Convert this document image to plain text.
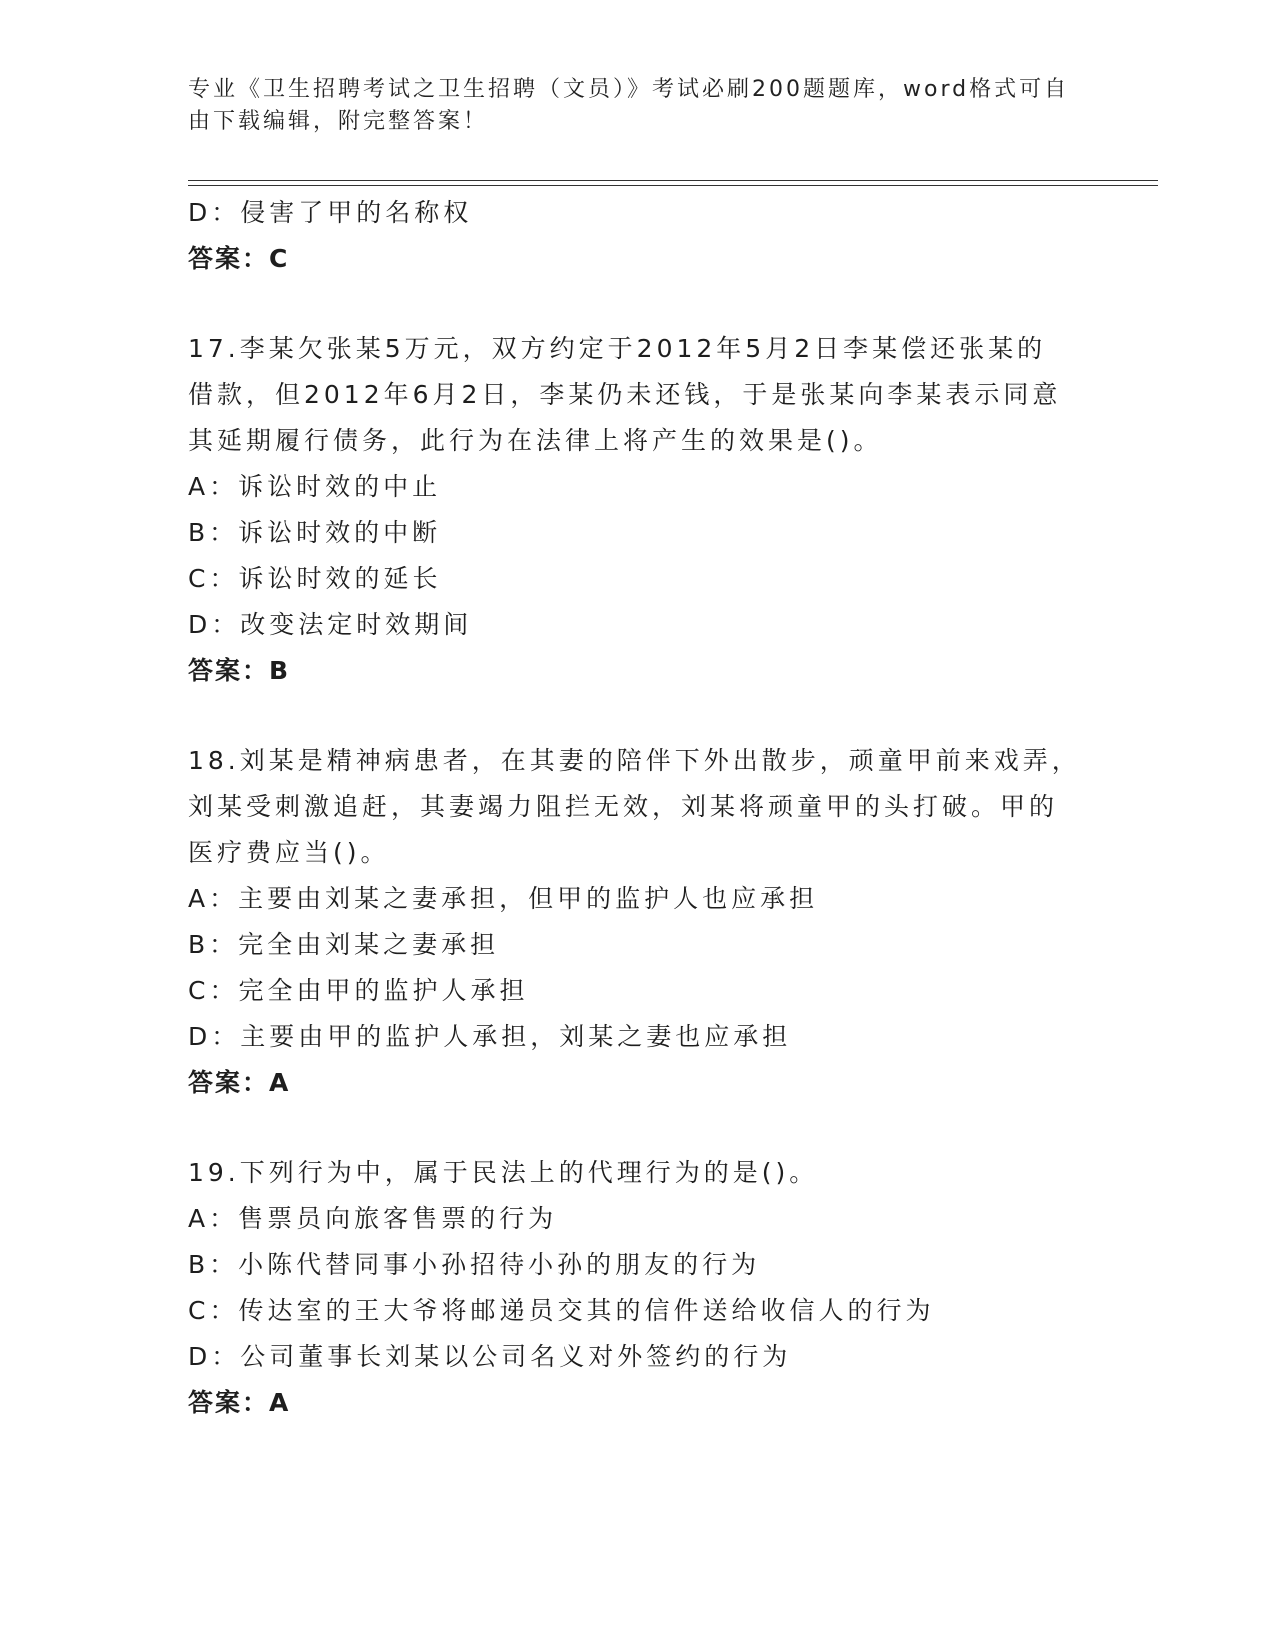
专业《卫生招聘考试之卫生招聘（文员）》考试必刷200题题库，word格式可自
由下载编辑，附完整答案！
D：侵害了甲的名称权
答案：C
17.李某欠张某5万元，双方约定于2012年5月2日李某偿还张某的
借款，但2012年6月2日，李某仍未还钱，于是张某向李某表示同意
其延期履行债务，此行为在法律上将产生的效果是()。
A：诉讼时效的中止
B：诉讼时效的中断
C：诉讼时效的延长
D：改变法定时效期间
答案：B
18.刘某是精神病患者，在其妻的陪伴下外出散步，顽童甲前来戏弄，
刘某受刺激追赶，其妻竭力阻拦无效，刘某将顽童甲的头打破。甲的
医疗费应当()。
A：主要由刘某之妻承担，但甲的监护人也应承担
B：完全由刘某之妻承担
C：完全由甲的监护人承担
D：主要由甲的监护人承担，刘某之妻也应承担
答案：A
19.下列行为中，属于民法上的代理行为的是()。
A：售票员向旅客售票的行为
B：小陈代替同事小孙招待小孙的朋友的行为
C：传达室的王大爷将邮递员交其的信件送给收信人的行为
D：公司董事长刘某以公司名义对外签约的行为
答案：A
